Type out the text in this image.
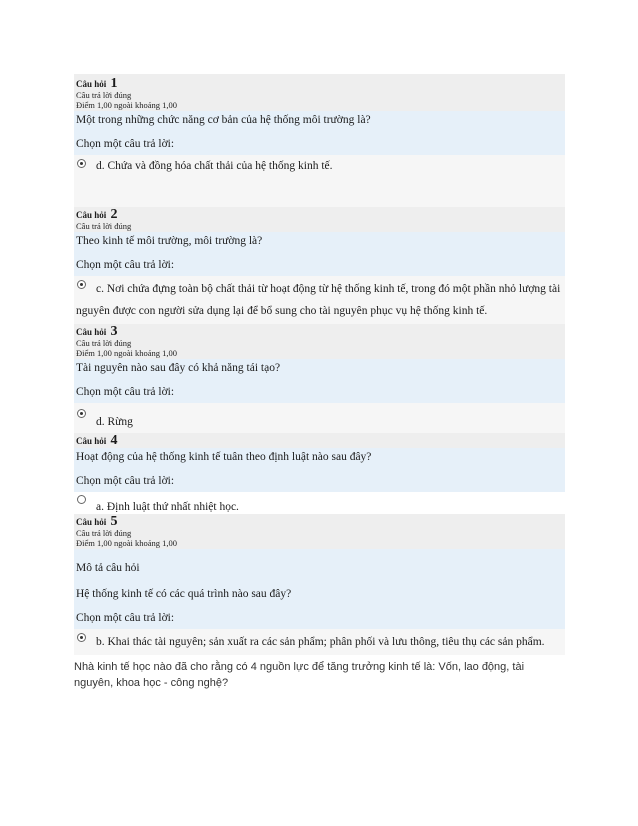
Câu hỏi 1
Câu trả lời đúng
Điểm 1,00 ngoài khoảng 1,00
Một trong những chức năng cơ bản của hệ thống môi trường là?
Chọn một câu trả lời:
d. Chứa và đồng hóa chất thải của hệ thống kinh tế.
Câu hỏi 2
Câu trả lời đúng
Theo kinh tế môi trường, môi trường là?
Chọn một câu trả lời:
c. Nơi chứa đựng toàn bộ chất thải từ hoạt động từ hệ thống kinh tế, trong đó một phần nhỏ lượng tài nguyên được con người sửa dụng lại để bổ sung cho tài nguyên phục vụ hệ thống kinh tế.
Câu hỏi 3
Câu trả lời đúng
Điểm 1,00 ngoài khoảng 1,00
Tài nguyên nào sau đây có khả năng tái tạo?
Chọn một câu trả lời:
d. Rừng
Câu hỏi 4
Hoạt động của hệ thống kinh tế tuân theo định luật nào sau đây?
Chọn một câu trả lời:
a. Định luật thứ nhất nhiệt học.
Câu hỏi 5
Câu trả lời đúng
Điểm 1,00 ngoài khoảng 1,00
Mô tả câu hỏi
Hệ thống kinh tế có các quá trình nào sau đây?
Chọn một câu trả lời:
b. Khai thác tài nguyên; sản xuất ra các sản phẩm; phân phối và lưu thông, tiêu thụ các sản phẩm.
Nhà kinh tế học nào đã cho rằng có 4 nguồn lực để tăng trưởng kinh tế là: Vốn, lao động, tài nguyên, khoa học - công nghệ?
